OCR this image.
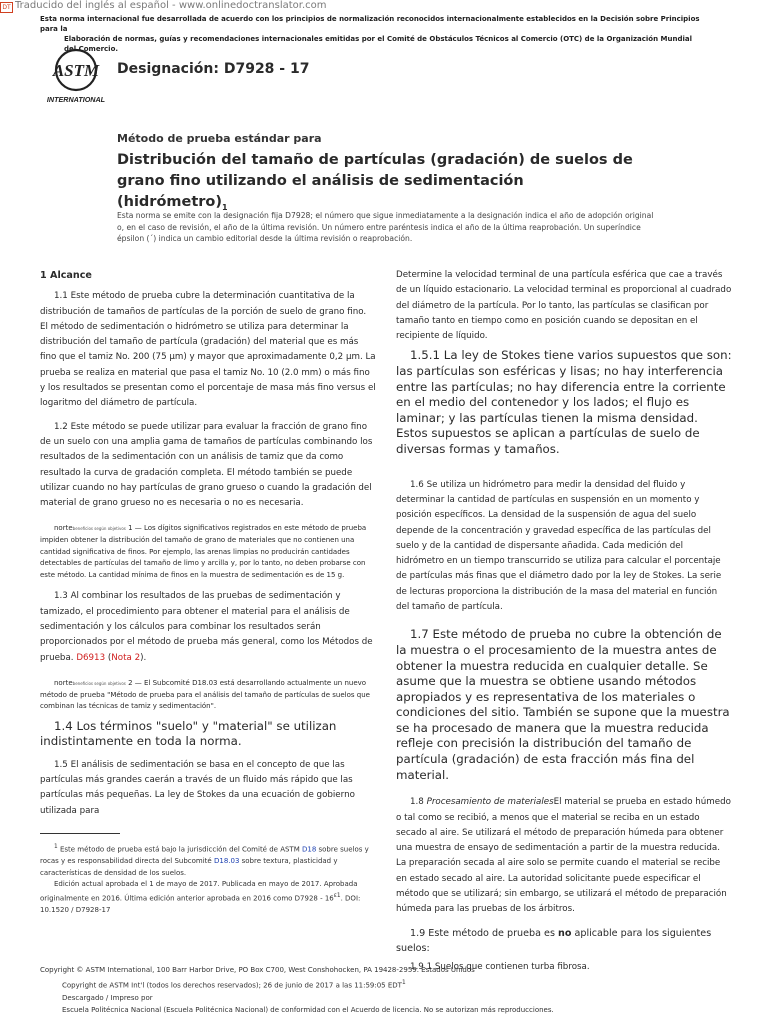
DT Traducido del inglés al español - www.onlinedoctranslator.com
Esta norma internacional fue desarrollada de acuerdo con los principios de normalización reconocidos internacionalmente establecidos en la Decisión sobre Principios para la
Elaboración de normas, guías y recomendaciones internacionales emitidas por el Comité de Obstáculos Técnicos al Comercio (OTC) de la Organización Mundial del Comercio.
ASTM
INTERNATIONAL
Designación: D7928 - 17
Método de prueba estándar para
Distribución del tamaño de partículas (gradación) de suelos de grano fino utilizando el análisis de sedimentación $(hidrómetro)_1$
Esta norma se emite con la designación fija D7928; el número que sigue inmediatamente a la designación indica el año de adopción original o, en el caso de revisión, el año de la última revisión. Un número entre paréntesis indica el año de la última reaprobación. Un superíndice épsilon (´) indica un cambio editorial desde la última revisión o reaprobación.

1 Alcance

1.1 Este método de prueba cubre la determinación cuantitativa de la distribución de tamaños de partículas de la porción de suelo de grano fino. El método de sedimentación o hidrómetro se utiliza para determinar la distribución del tamaño de partícula (gradación) del material que es más fino que el tamiz No. 200 (75 µm) y mayor que aproximadamente 0,2 µm. La prueba se realiza en material que pasa el tamiz No. 10 (2.0 mm) o más fino y los resultados se presentan como el porcentaje de masa más fino versus el logaritmo del diámetro de partícula.

1.2 Este método se puede utilizar para evaluar la fracción de grano fino de un suelo con una amplia gama de tamaños de partículas combinando los resultados de la sedimentación con un análisis de tamiz que da como resultado la curva de gradación completa. El método también se puede utilizar cuando no hay partículas de grano grueso o cuando la gradación del material de grano grueso no es necesaria o no es necesaria.

nortebeneficios según objetivos 1 — Los dígitos significativos registrados en este método de prueba impiden obtener la distribución del tamaño de grano de materiales que no contienen una cantidad significativa de finos. Por ejemplo, las arenas limpias no producirán cantidades detectables de partículas del tamaño de limo y arcilla y, por lo tanto, no deben probarse con este método. La cantidad mínima de finos en la muestra de sedimentación es de 15 g.

1.3 Al combinar los resultados de las pruebas de sedimentación y tamizado, el procedimiento para obtener el material para el análisis de sedimentación y los cálculos para combinar los resultados serán proporcionados por el método de prueba más general, como los Métodos de prueba. D6913 (Nota 2).

nortebeneficios según objetivos 2 — El Subcomité D18.03 está desarrollando actualmente un nuevo método de prueba "Método de prueba para el análisis del tamaño de partículas de suelos que combinan las técnicas de tamiz y sedimentación".

1.4 Los términos "suelo" y "material" se utilizan indistintamente en toda la norma.

1.5 El análisis de sedimentación se basa en el concepto de que las partículas más grandes caerán a través de un fluido más rápido que las partículas más pequeñas. La ley de Stokes da una ecuación de gobierno utilizada para

$^1$ Este método de prueba está bajo la jurisdicción del Comité de ASTM D18 sobre suelos y rocas y es responsabilidad directa del Subcomité D18.03 sobre textura, plasticidad y características de densidad de los suelos.

Edición actual aprobada el 1 de mayo de 2017. Publicada en mayo de 2017. Aprobada originalmente en 2016. Última edición anterior aprobada en 2016 como $D7928 - 16^{\varepsilon 1}$. DOI: 10.1520 / D7928-17

Determine la velocidad terminal de una partícula esférica que cae a través de un líquido estacionario. La velocidad terminal es proporcional al cuadrado del diámetro de la partícula. Por lo tanto, las partículas se clasifican por tamaño tanto en tiempo como en posición cuando se depositan en el recipiente de líquido.

1.5.1 La ley de Stokes tiene varios supuestos que son: las partículas son esféricas y lisas; no hay interferencia entre las partículas; no hay diferencia entre la corriente en el medio del contenedor y los lados; el flujo es laminar; y las partículas tienen la misma densidad. Estos supuestos se aplican a partículas de suelo de diversas formas y tamaños.

1.6 Se utiliza un hidrómetro para medir la densidad del fluido y determinar la cantidad de partículas en suspensión en un momento y posición específicos. La densidad de la suspensión de agua del suelo depende de la concentración y gravedad específica de las partículas del suelo y de la cantidad de dispersante añadida. Cada medición del hidrómetro en un tiempo transcurrido se utiliza para calcular el porcentaje de partículas más finas que el diámetro dado por la ley de Stokes. La serie de lecturas proporciona la distribución de la masa del material en función del tamaño de partícula.

1.7 Este método de prueba no cubre la obtención de la muestra o el procesamiento de la muestra antes de obtener la muestra reducida en cualquier detalle. Se asume que la muestra se obtiene usando métodos apropiados y es representativa de los materiales o condiciones del sitio. También se supone que la muestra se ha procesado de manera que la muestra reducida refleje con precisión la distribución del tamaño de partícula (gradación) de esta fracción más fina del material.

1.8 Procesamiento de materialesEl material se prueba en estado húmedo o tal como se recibió, a menos que el material se reciba en un estado secado al aire. Se utilizará el método de preparación húmeda para obtener una muestra de ensayo de sedimentación a partir de la muestra reducida. La preparación secada al aire solo se permite cuando el material se recibe en estado secado al aire. La autoridad solicitante puede especificar el método que se utilizará; sin embargo, se utilizará el método de preparación húmeda para las pruebas de los árbitros.

1.9 Este método de prueba es no aplicable para los siguientes suelos:

1.9.1 Suelos que contienen turba fibrosa.

Copyright © ASTM International, 100 Barr Harbor Drive, PO Box C700, West Conshohocken, PA 19428-2959. Estados Unidos

Copyright de ASTM Int'l (todos los derechos reservados); 26 de junio de 2017 a las 11:59:05 EDT$^1$

Descargado / Impreso por

Escuela Politécnica Nacional (Escuela Politécnica Nacional) de conformidad con el Acuerdo de licencia. No se autorizan más reproducciones.
